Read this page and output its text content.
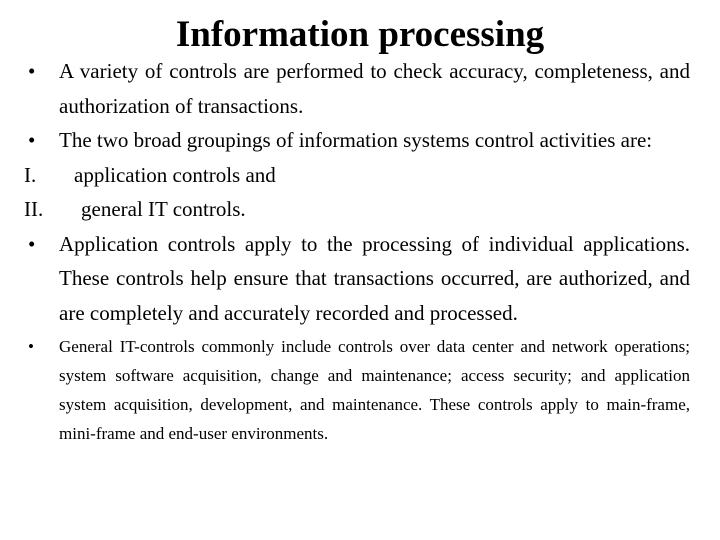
Information processing
• A variety of controls are performed to check accuracy, completeness, and authorization of transactions.
• The two broad groupings of information systems control activities are:
I. application controls and
II. general IT controls.
• Application controls apply to the processing of individual applications. These controls help ensure that transactions occurred, are authorized, and are completely and accurately recorded and processed.
• General IT-controls commonly include controls over data center and network operations; system software acquisition, change and maintenance; access security; and application system acquisition, development, and maintenance. These controls apply to main-frame, mini-frame and end-user environments.
